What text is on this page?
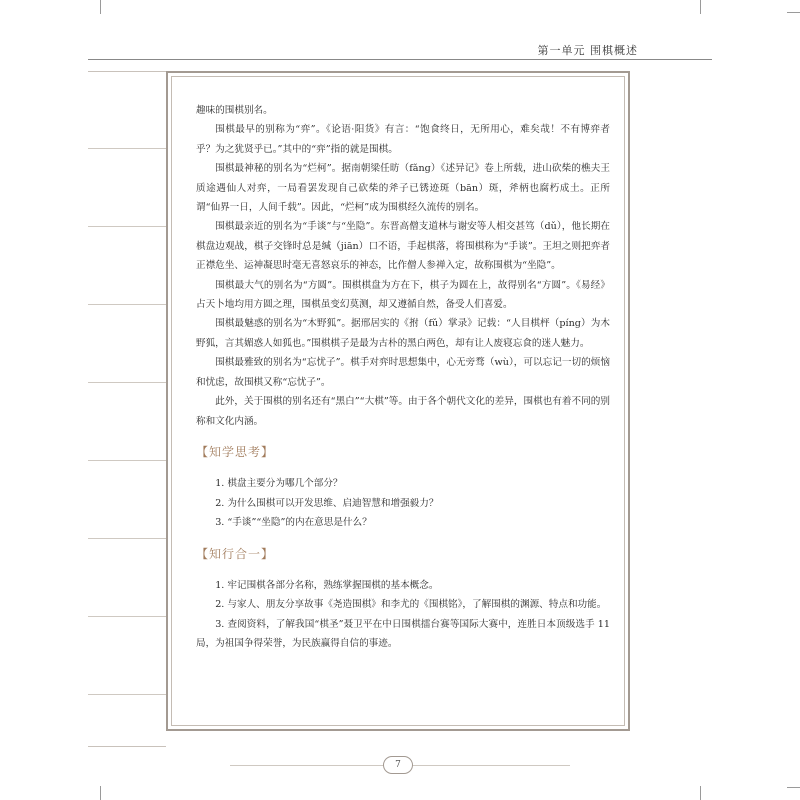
第一单元 围棋概述

趣味的围棋别名。

围棋最早的别称为“弈”。《论语·阳货》有言：“饱食终日，无所用心，难矣哉！不有博弈者乎？为之犹贤乎已。”其中的“弈”指的就是围棋。

围棋最神秘的别名为“烂柯”。据南朝梁任昉（fǎng）《述异记》卷上所载，进山砍柴的樵夫王质途遇仙人对弈，一局看罢发现自己砍柴的斧子已锈迹斑（bān）斑，斧柄也腐朽成土。正所谓“仙界一日，人间千载”。因此，“烂柯”成为围棋经久流传的别名。

围棋最亲近的别名为“手谈”与“坐隐”。东晋高僧支道林与谢安等人相交甚笃（dǔ），他长期在棋盘边观战，棋子交锋时总是缄（jiān）口不语，手起棋落，将围棋称为“手谈”。王坦之则把弈者正襟危坐、运神凝思时毫无喜怒哀乐的神态，比作僧人参禅入定，故称围棋为“坐隐”。

围棋最大气的别名为“方圆”。围棋棋盘为方在下，棋子为圆在上，故得别名“方圆”。《易经》占天卜地均用方圆之理，围棋虽变幻莫测，却又遵循自然，备受人们喜爱。

围棋最魅惑的别名为“木野狐”。据邢居实的《拊（fǔ）掌录》记载：“人目棋枰（píng）为木野狐，言其媚惑人如狐也。”围棋棋子是最为古朴的黑白两色，却有让人废寝忘食的迷人魅力。

围棋最雅致的别名为“忘忧子”。棋手对弈时思想集中，心无旁骛（wù），可以忘记一切的烦恼和忧虑，故围棋又称“忘忧子”。

此外，关于围棋的别名还有“黑白”“大棋”等。由于各个朝代文化的差异，围棋也有着不同的别称和文化内涵。

【知学思考】

1. 棋盘主要分为哪几个部分？

2. 为什么围棋可以开发思维、启迪智慧和增强毅力？

3. “手谈”“坐隐”的内在意思是什么？

【知行合一】

1. 牢记围棋各部分名称，熟练掌握围棋的基本概念。

2. 与家人、朋友分享故事《尧造围棋》和李尤的《围棋铭》，了解围棋的渊源、特点和功能。

3. 查阅资料，了解我国“棋圣”聂卫平在中日围棋擂台赛等国际大赛中，连胜日本顶级选手 11 局，为祖国争得荣誉，为民族赢得自信的事迹。

7
